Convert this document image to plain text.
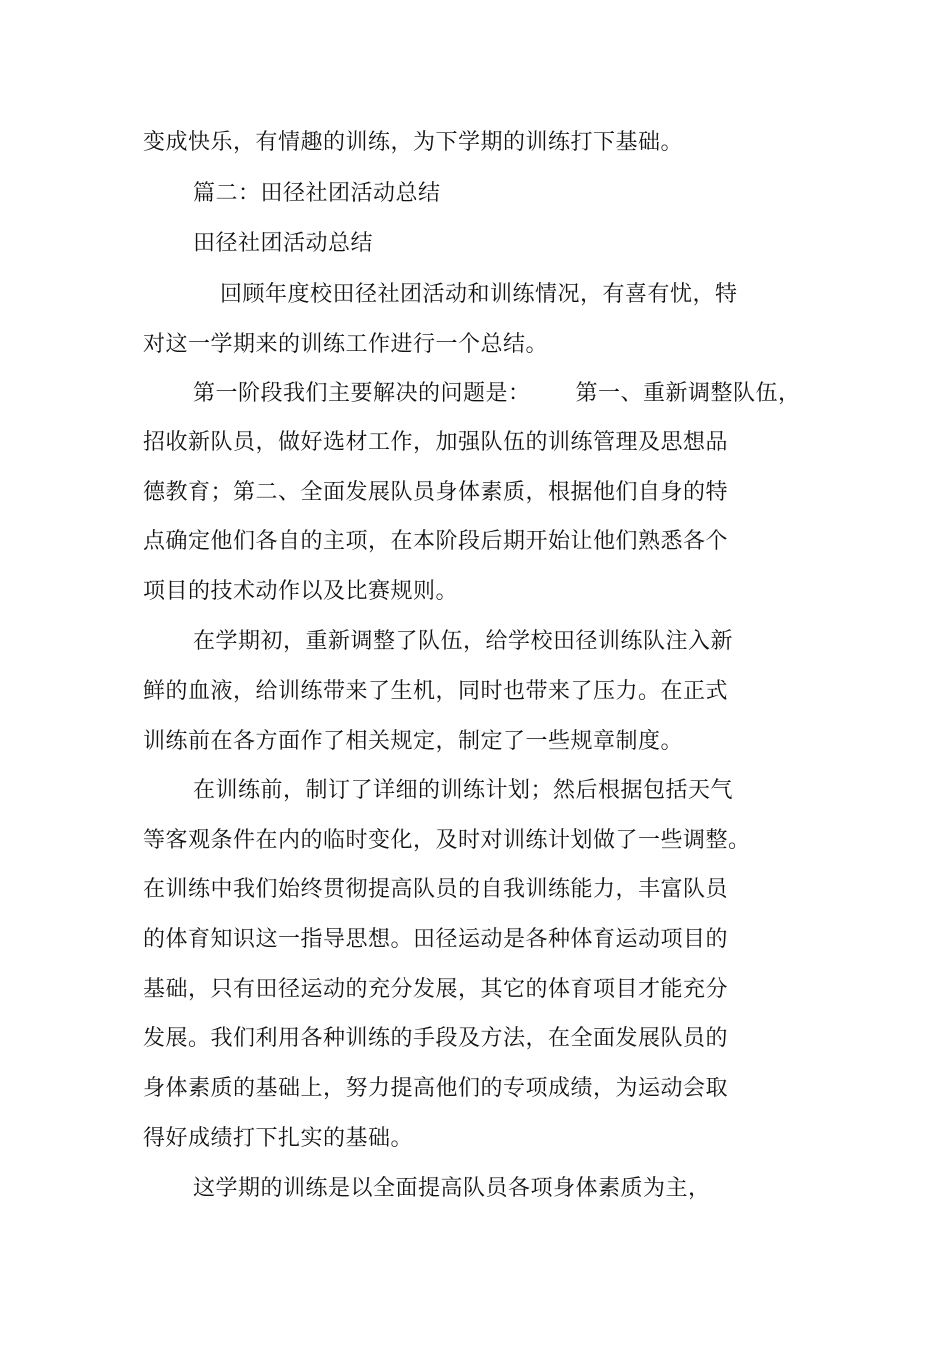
变成快乐，有情趣的训练，为下学期的训练打下基础。
篇二：田径社团活动总结
田径社团活动总结
回顾年度校田径社团活动和训练情况，有喜有忧，特
对这一学期来的训练工作进行一个总结。
第一阶段我们主要解决的问题是：      第一、重新调整队伍，
招收新队员，做好选材工作，加强队伍的训练管理及思想品
德教育；第二、全面发展队员身体素质，根据他们自身的特
点确定他们各自的主项，在本阶段后期开始让他们熟悉各个
项目的技术动作以及比赛规则。
在学期初，重新调整了队伍，给学校田径训练队注入新
鲜的血液，给训练带来了生机，同时也带来了压力。在正式
训练前在各方面作了相关规定，制定了一些规章制度。
在训练前，制订了详细的训练计划；然后根据包括天气
等客观条件在内的临时变化，及时对训练计划做了一些调整。
在训练中我们始终贯彻提高队员的自我训练能力，丰富队员
的体育知识这一指导思想。田径运动是各种体育运动项目的
基础，只有田径运动的充分发展，其它的体育项目才能充分
发展。我们利用各种训练的手段及方法，在全面发展队员的
身体素质的基础上，努力提高他们的专项成绩，为运动会取
得好成绩打下扎实的基础。
这学期的训练是以全面提高队员各项身体素质为主，
